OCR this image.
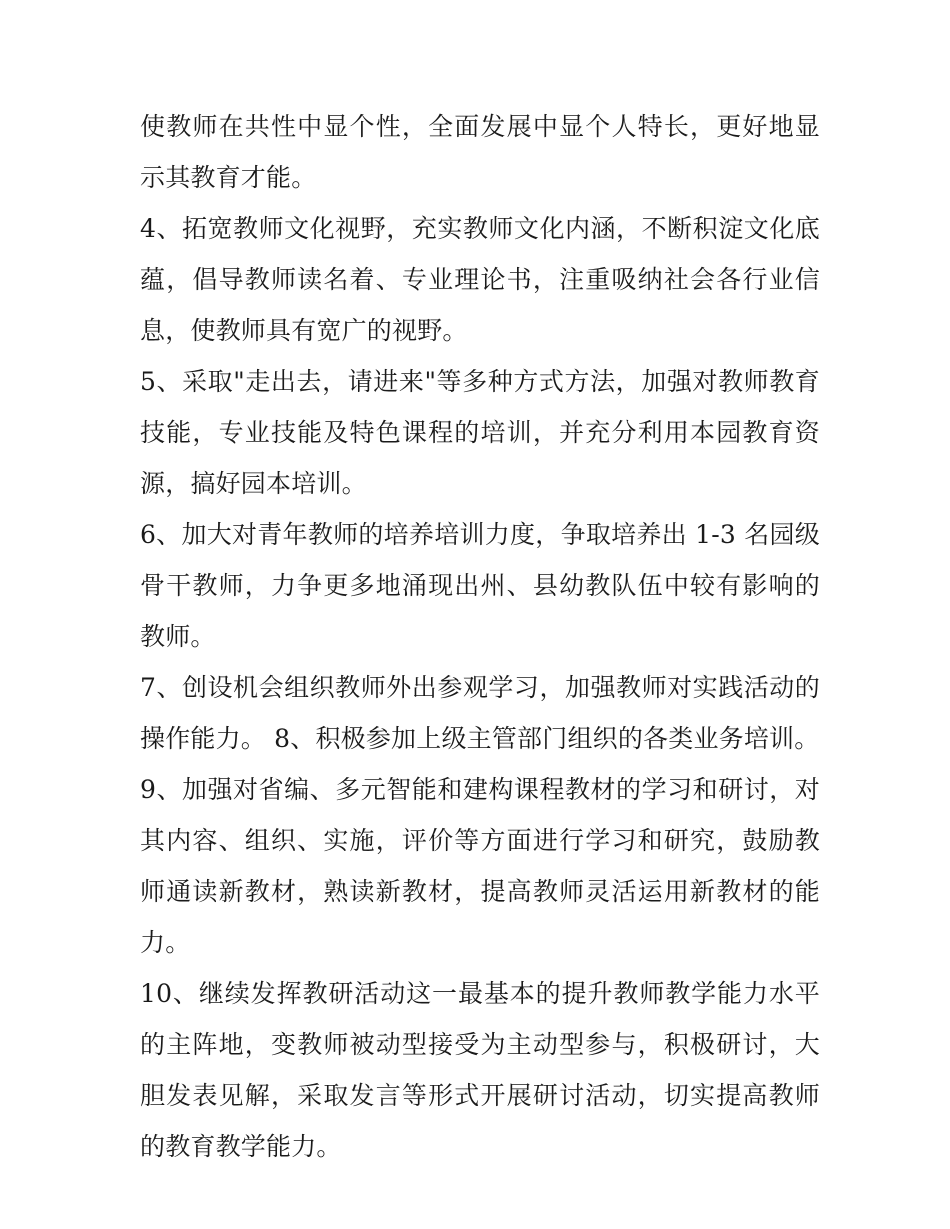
使教师在共性中显个性，全面发展中显个人特长，更好地显示其教育才能。

4、拓宽教师文化视野，充实教师文化内涵，不断积淀文化底蕴，倡导教师读名着、专业理论书，注重吸纳社会各行业信息，使教师具有宽广的视野。

5、采取"走出去，请进来"等多种方式方法，加强对教师教育技能，专业技能及特色课程的培训，并充分利用本园教育资源，搞好园本培训。

6、加大对青年教师的培养培训力度，争取培养出 1-3 名园级骨干教师，力争更多地涌现出州、县幼教队伍中较有影响的教师。

7、创设机会组织教师外出参观学习，加强教师对实践活动的操作能力。 8、积极参加上级主管部门组织的各类业务培训。

9、加强对省编、多元智能和建构课程教材的学习和研讨，对其内容、组织、实施，评价等方面进行学习和研究，鼓励教师通读新教材，熟读新教材，提高教师灵活运用新教材的能力。

10、继续发挥教研活动这一最基本的提升教师教学能力水平的主阵地，变教师被动型接受为主动型参与，积极研讨，大胆发表见解，采取发言等形式开展研讨活动，切实提高教师的教育教学能力。
